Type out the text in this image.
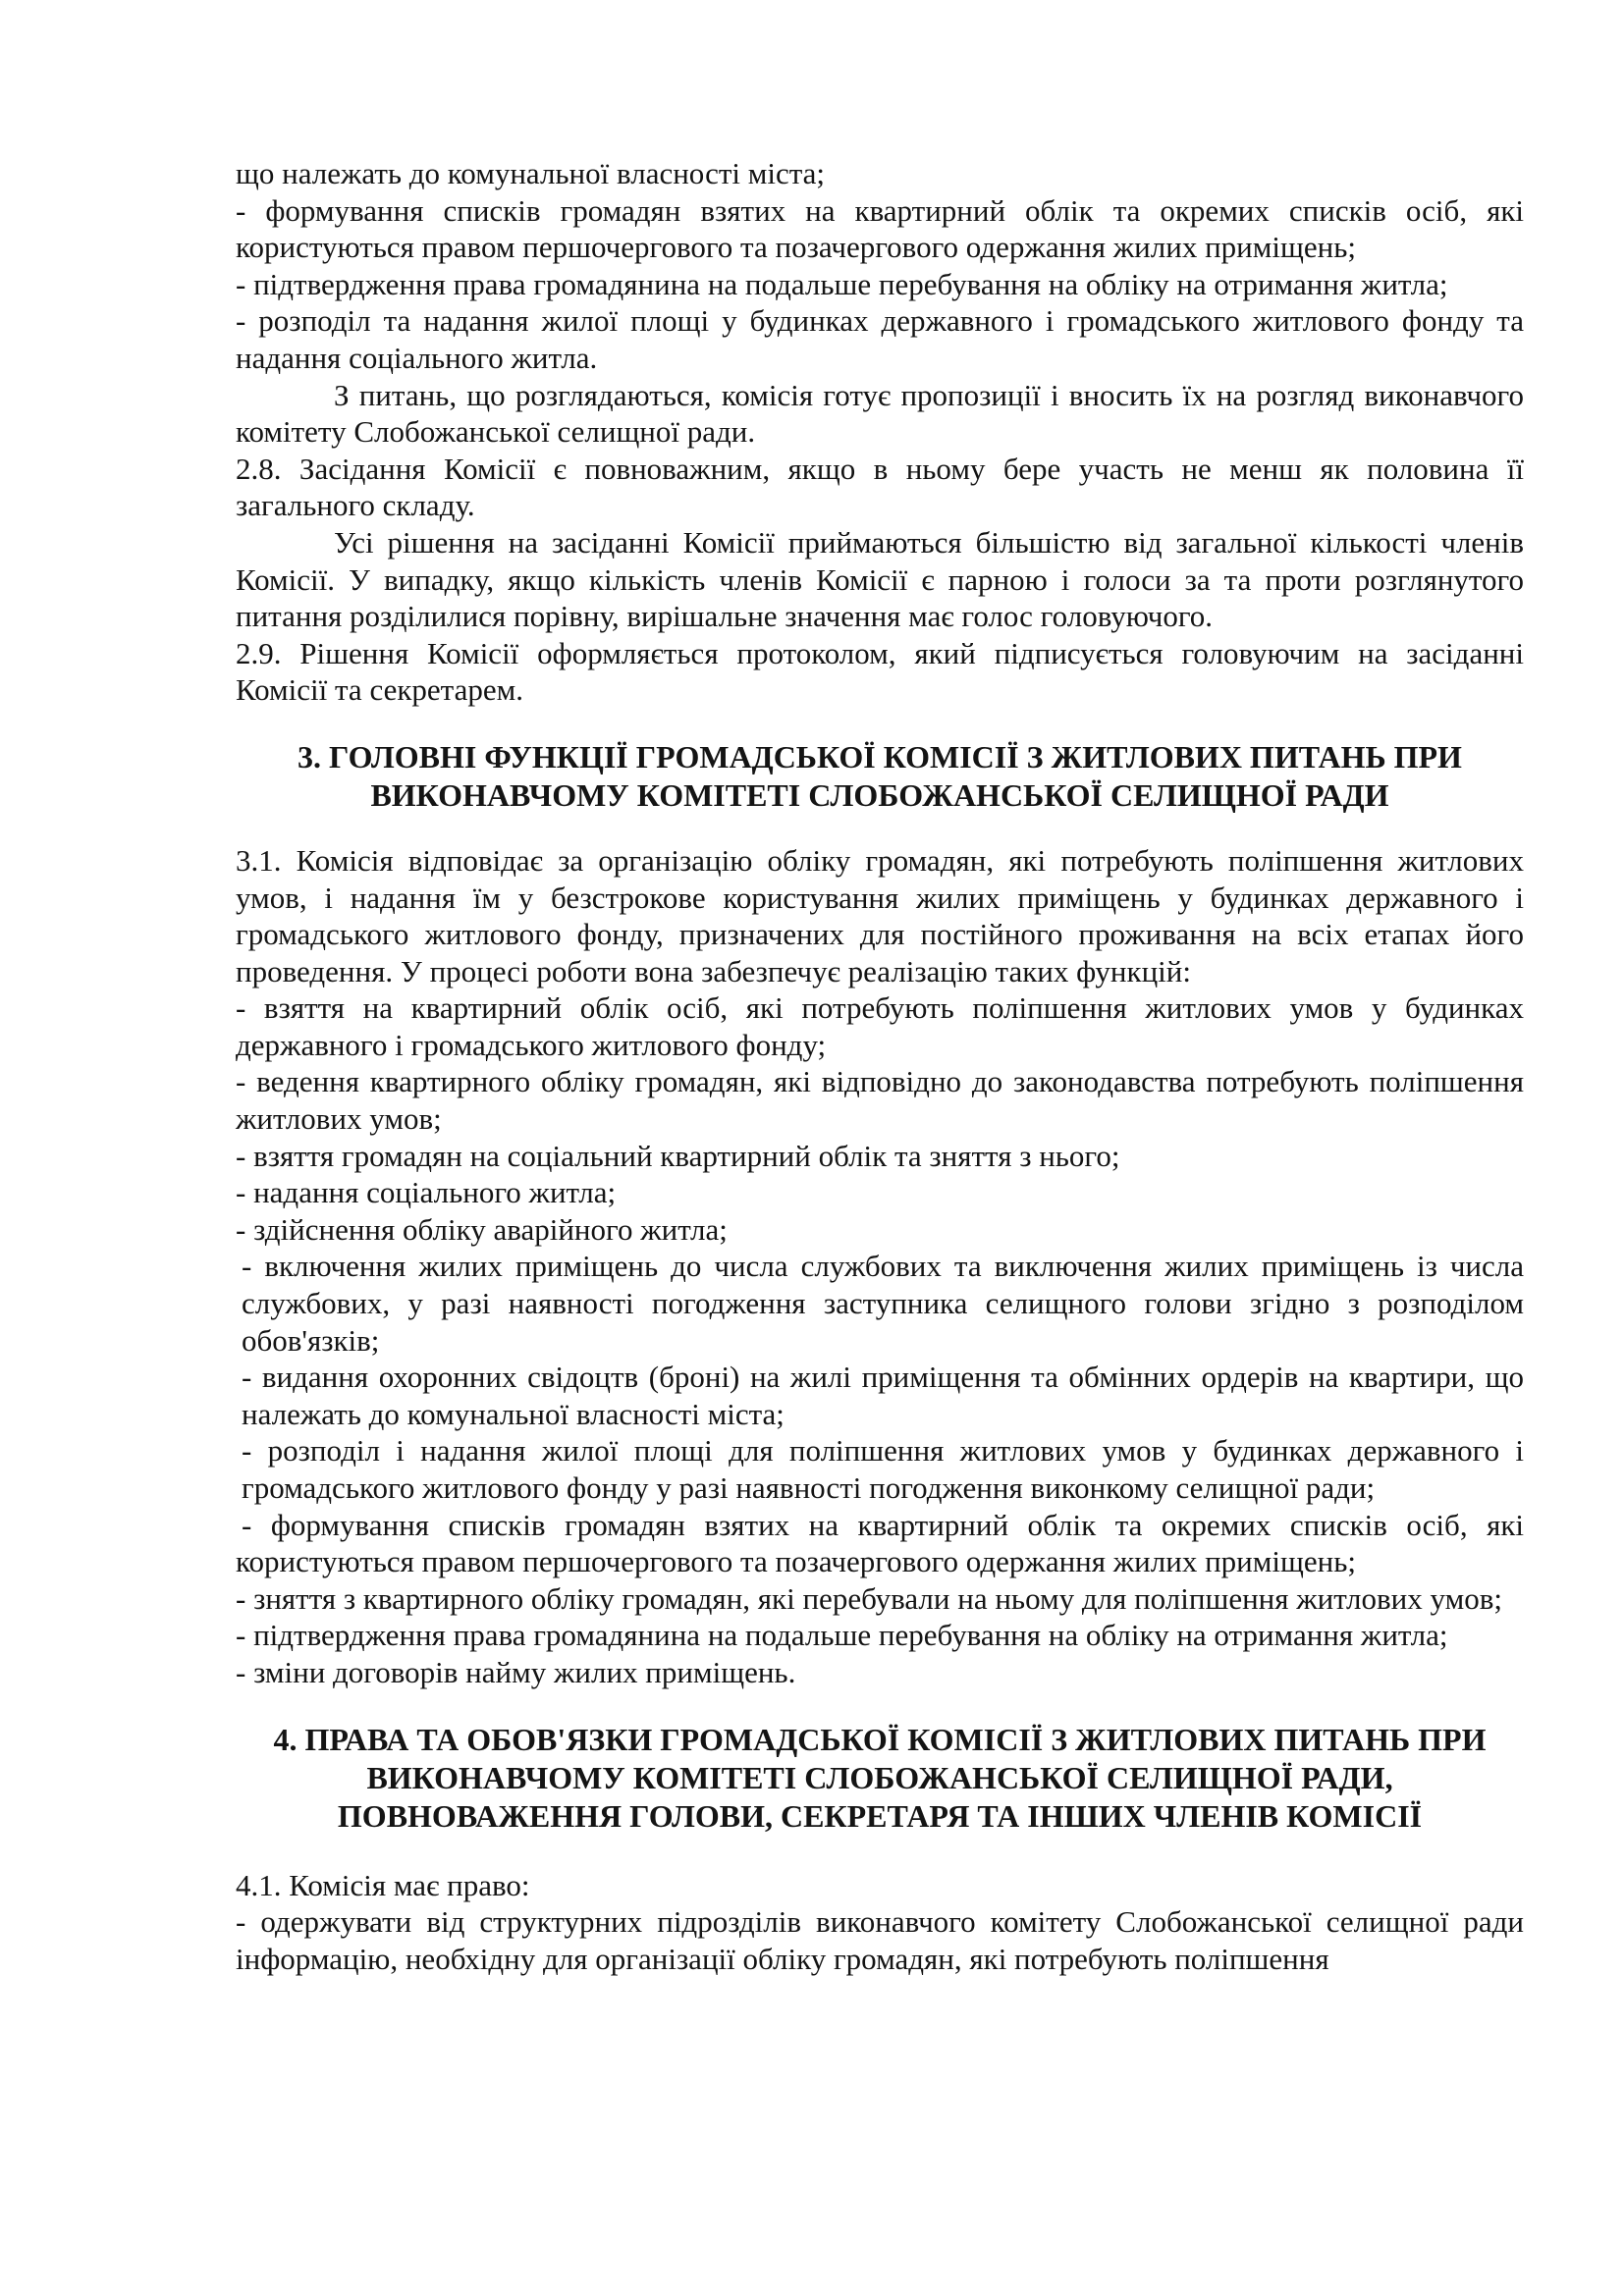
що належать до комунальної власності міста;

- формування списків громадян взятих на квартирний облік та окремих списків осіб, які користуються правом першочергового та позачергового одержання жилих приміщень;

- підтвердження права громадянина на подальше перебування на обліку на отримання житла;

- розподіл та надання жилої площі у будинках державного і громадського житлового фонду та надання соціального житла.

З питань, що розглядаються, комісія готує пропозиції і вносить їх на розгляд виконавчого комітету Слобожанської селищної ради.

2.8. Засідання Комісії є повноважним, якщо в ньому бере участь не менш як половина її загального складу.

Усі рішення на засіданні Комісії приймаються більшістю від загальної кількості членів Комісії. У випадку, якщо кількість членів Комісії є парною і голоси за та проти розглянутого питання розділилися порівну, вирішальне значення має голос головуючого.

2.9. Рішення Комісії оформляється протоколом, який підписується головуючим на засіданні Комісії та секретарем.

3. ГОЛОВНІ ФУНКЦІЇ ГРОМАДСЬКОЇ КОМІСІЇ З ЖИТЛОВИХ ПИТАНЬ ПРИ
ВИКОНАВЧОМУ КОМІТЕТІ СЛОБОЖАНСЬКОЇ СЕЛИЩНОЇ РАДИ

3.1. Комісія відповідає за організацію обліку громадян, які потребують поліпшення житлових умов, і надання їм у безстрокове користування жилих приміщень у будинках державного і громадського житлового фонду, призначених для постійного проживання на всіх етапах його проведення. У процесі роботи вона забезпечує реалізацію таких функцій:

- взяття на квартирний облік осіб, які потребують поліпшення житлових умов у будинках державного і громадського житлового фонду;

- ведення квартирного обліку громадян, які відповідно до законодавства потребують поліпшення житлових умов;

- взяття громадян на соціальний квартирний облік та зняття з нього;

- надання соціального житла;

- здійснення обліку аварійного житла;

- включення жилих приміщень до числа службових та виключення жилих приміщень із числа службових, у разі наявності погодження заступника селищного голови згідно з розподілом обов'язків;

- видання охоронних свідоцтв (броні) на жилі приміщення та обмінних ордерів на квартири, що належать до комунальної власності міста;

- розподіл і надання жилої площі для поліпшення житлових умов у будинках державного і громадського житлового фонду у разі наявності погодження виконкому селищної ради;

- формування списків громадян взятих на квартирний облік та окремих списків осіб, які користуються правом першочергового та позачергового одержання жилих приміщень;

- зняття з квартирного обліку громадян, які перебували на ньому для поліпшення житлових умов;

- підтвердження права громадянина на подальше перебування на обліку на отримання житла;

- зміни договорів найму жилих приміщень.

4. ПРАВА ТА ОБОВ'ЯЗКИ ГРОМАДСЬКОЇ КОМІСІЇ З ЖИТЛОВИХ ПИТАНЬ ПРИ
ВИКОНАВЧОМУ КОМІТЕТІ СЛОБОЖАНСЬКОЇ СЕЛИЩНОЇ РАДИ,
ПОВНОВАЖЕННЯ ГОЛОВИ, СЕКРЕТАРЯ ТА ІНШИХ ЧЛЕНІВ КОМІСІЇ

4.1. Комісія має право:

- одержувати від структурних підрозділів виконавчого комітету Слобожанської селищної ради інформацію, необхідну для організації обліку громадян, які потребують поліпшення
